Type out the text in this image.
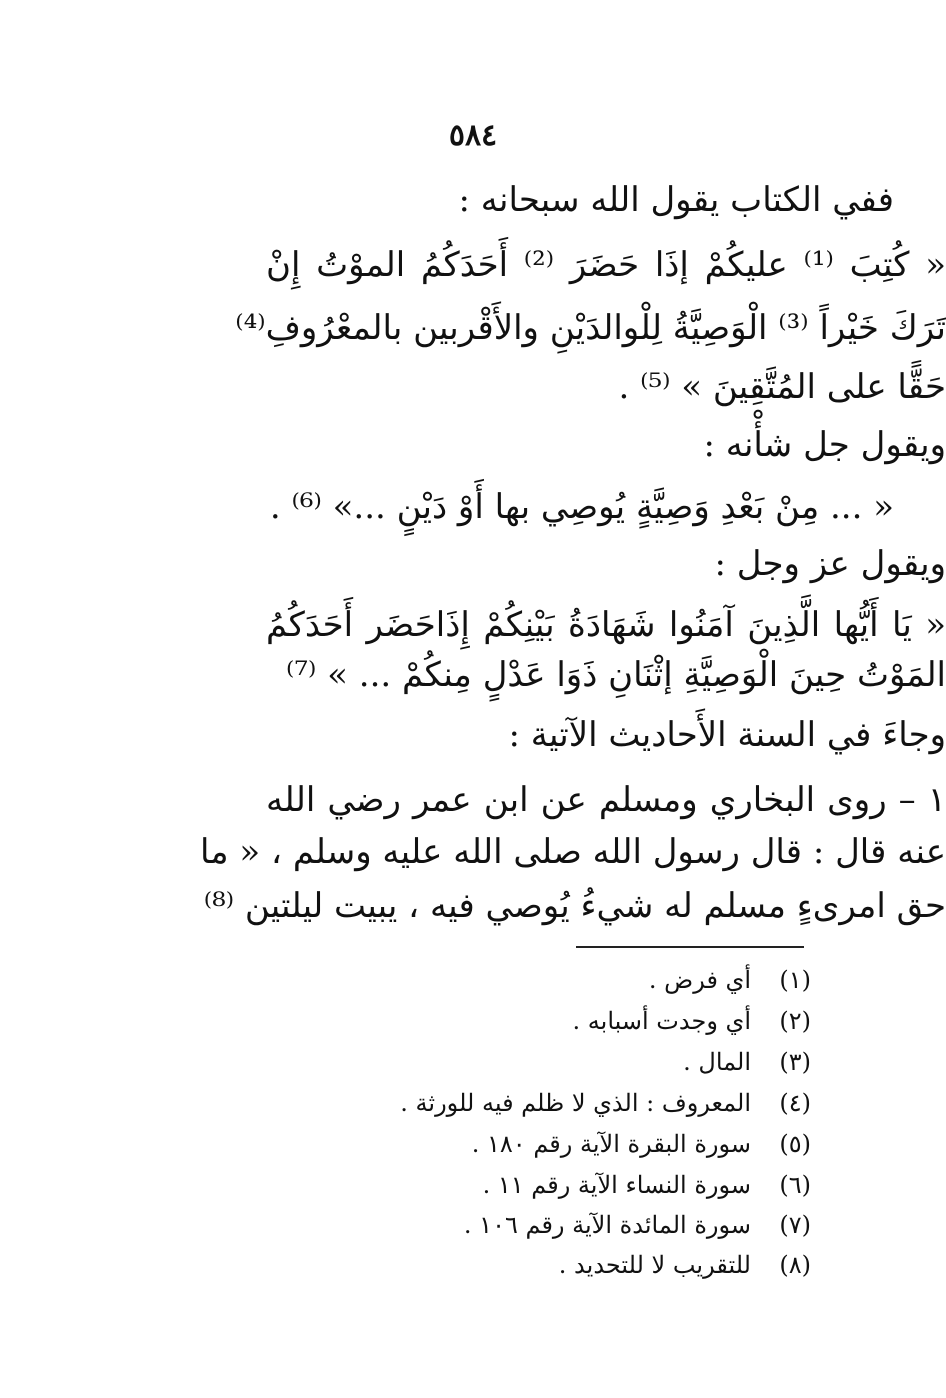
٥٨٤
ففي الكتاب يقول الله سبحانه :
« كُتِبَ ⁽¹⁾ عليكُمْ إذَا حَضَرَ ⁽²⁾ أَحَدَكُمُ الموْتُ إِنْ
تَرَكَ خَيْراً ⁽³⁾ الْوَصِيَّةُ لِلْوالدَيْنِ والأَقْربين بالمعْرُوفِ⁽⁴⁾
حَقًّا على المُتَّقِينَ » ⁽⁵⁾ .
ويقول جل شأْنه :
« ... مِنْ بَعْدِ وَصِيَّةٍ يُوصِي بها أَوْ دَيْنٍ ...» ⁽⁶⁾ .
ويقول عز وجل :
« يَا أَيُّها الَّذِينَ آمَنُوا شَهَادَةُ بَيْنِكُمْ إِذَاحَضَر أَحَدَكُمُ
المَوْتُ حِينَ الْوَصِيَّةِ إثْنَانِ ذَوَا عَدْلٍ مِنكُمْ ... » ⁽⁷⁾
وجاءَ في السنة الأَحاديث الآتية :
١ – روى البخاري ومسلم عن ابن عمر رضي الله
عنه قال : قال رسول الله صلى الله عليه وسلم ، « ما
حق امرىءٍ مسلم له شيءُ يُوصي فيه ، يبيت ليلتين ⁽⁸⁾
(١)أي فرض .
(٢)أي وجدت أسبابه .
(٣)المال .
(٤)المعروف : الذي لا ظلم فيه للورثة .
(٥)سورة البقرة الآية رقم ١٨٠ .
(٦)سورة النساء الآية رقم ١١ .
(٧)سورة المائدة الآية رقم ١٠٦ .
(٨)للتقريب لا للتحديد .
